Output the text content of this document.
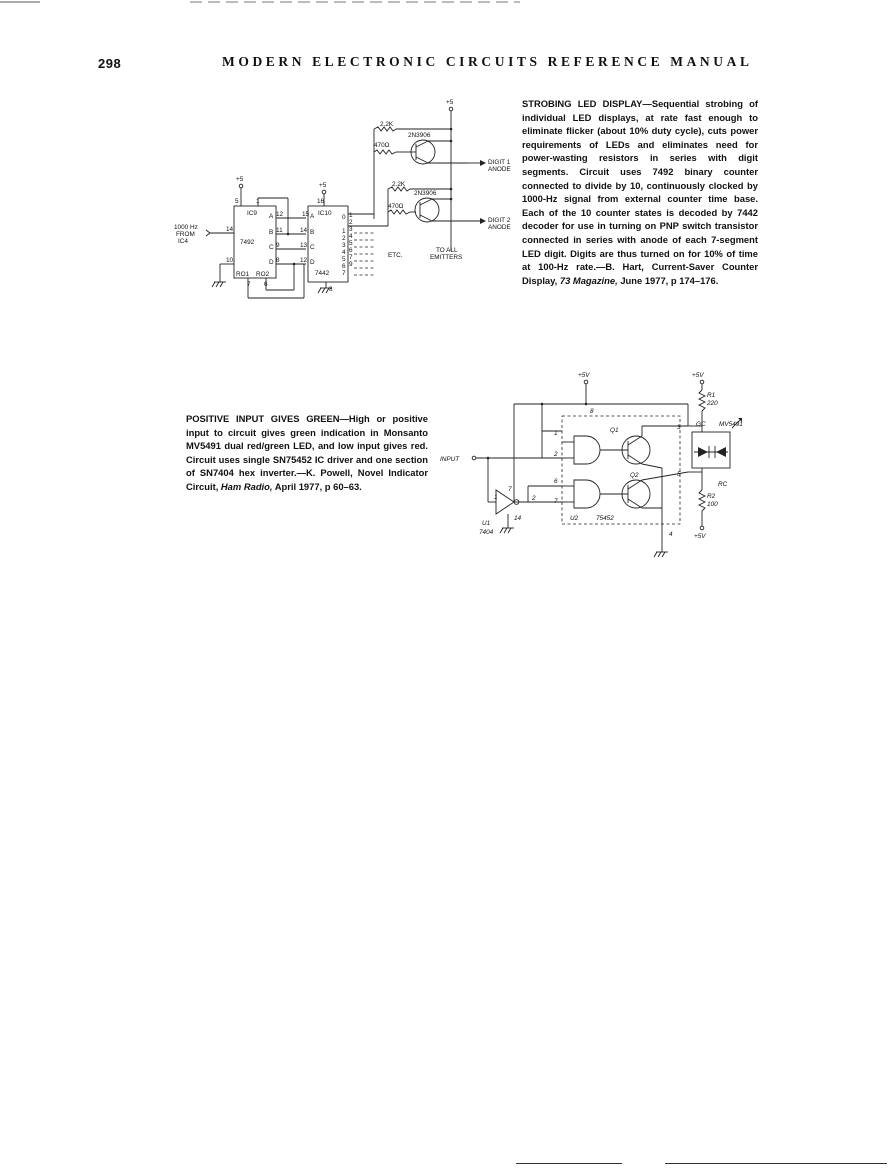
298	MODERN ELECTRONIC CIRCUITS REFERENCE MANUAL
+5
TO ALL
EMITTERS
2.2K
2N3906
470Ω
DIGIT 1
ANODE
2.2K
2N3906
470Ω
DIGIT 2
ANODE
+5
IC9
7492
5	1
A
B
C
D
12
11
9
8
14
10
RO1 RO2
7 6
1000 Hz
FROM
IC4
+5
IC10
7442
16
15
14
13
12
A
B
C
D
0
1
2
3
4
5
6
7
1
2
3
4
5
6
7
9
ETC.
8
STROBING LED DISPLAY—Sequential strobing of individual LED displays, at rate fast enough to eliminate flicker (about 10% duty cycle), cuts power requirements of LEDs and eliminates need for power-wasting resistors in series with digit segments. Circuit uses 7492 binary counter connected to divide by 10, continuously clocked by 1000-Hz signal from external counter time base. Each of the 10 counter states is decoded by 7442 decoder for use in turning on PNP switch transistor connected in series with anode of each 7-segment LED digit. Digits are thus turned on for 10% of time at 100-Hz rate.—B. Hart, Current-Saver Counter Display, 73 Magazine, June 1977, p 174–176.
POSITIVE INPUT GIVES GREEN—High or positive input to circuit gives green indication in Monsanto MV5491 dual red/green LED, and low input gives red. Circuit uses single SN75452 IC driver and one section of SN7404 hex inverter.—K. Powell, Novel Indicator Circuit, Ham Radio, April 1977, p 60–63.
+5V
8
1
2
6
7
3
5
4
U2	75452
Q1
Q2
INPUT
1
7
2
14
U1
7404
+5V
R1
220
GC MV5491
RC
R2
100
+5V
